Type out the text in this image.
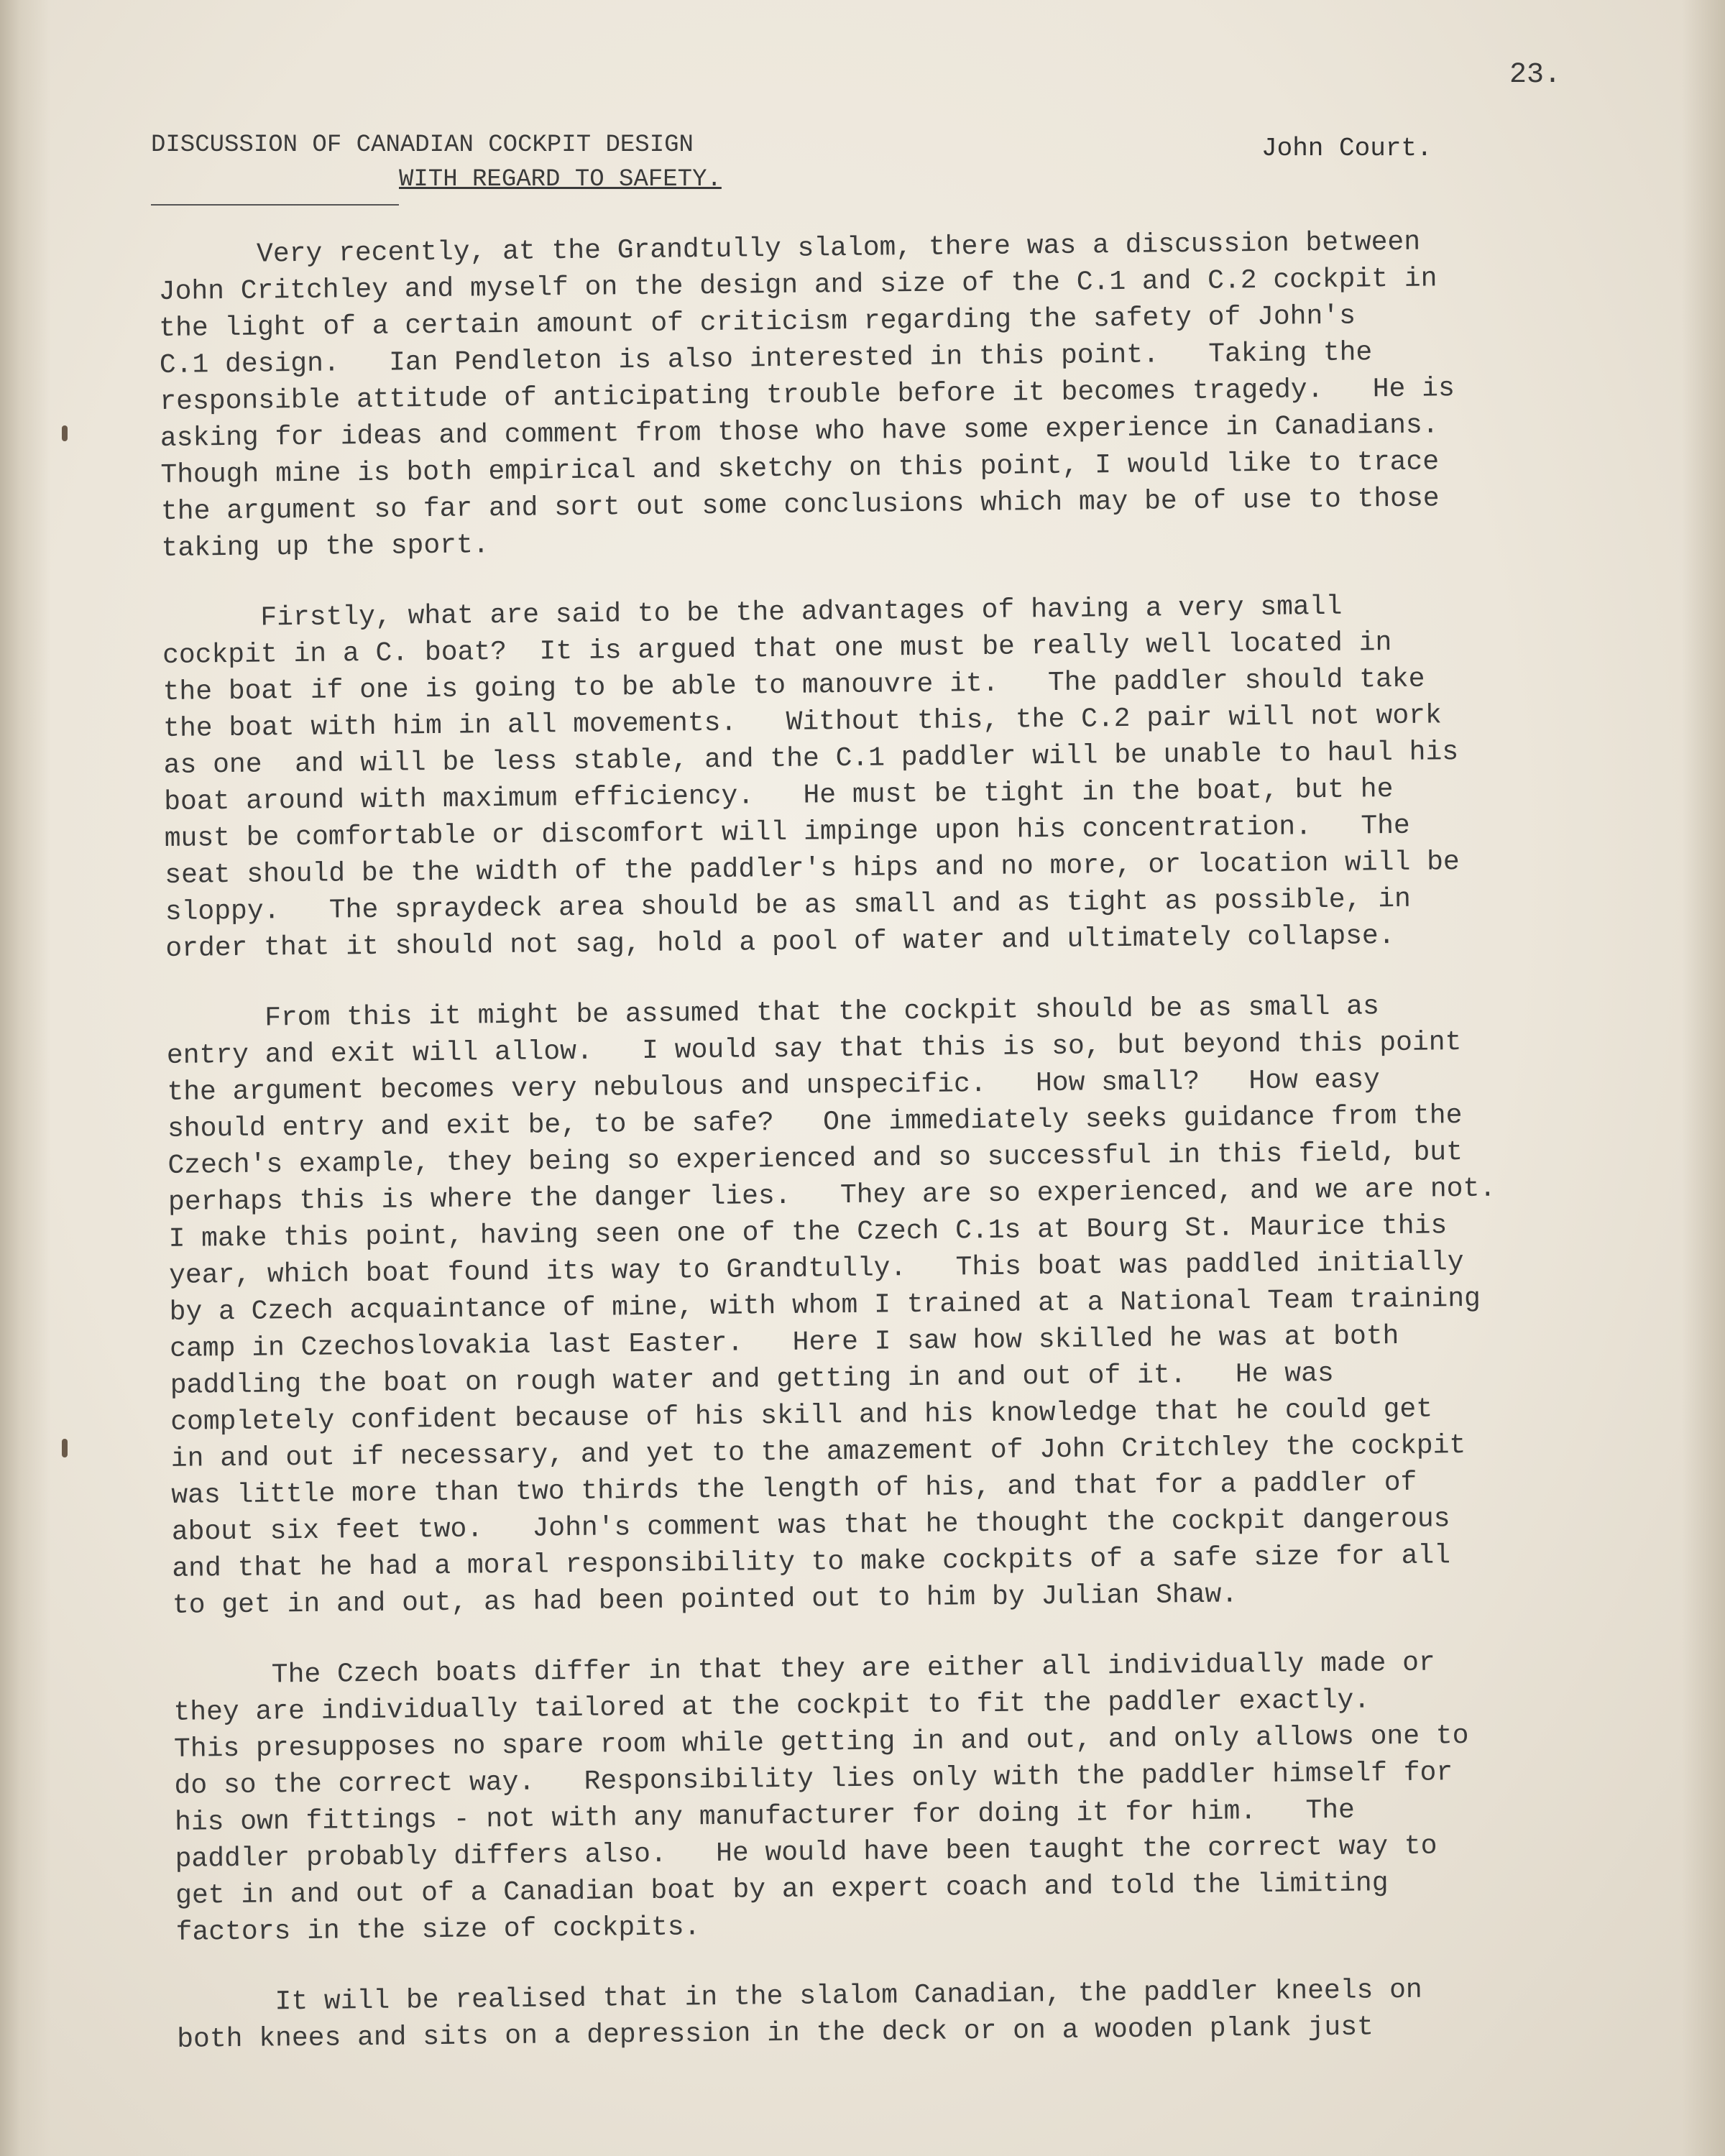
23.
DISCUSSION OF CANADIAN COCKPIT DESIGN
WITH REGARD TO SAFETY.
John Court.

Very recently, at the Grandtully slalom, there was a discussion between
John Critchley and myself on the design and size of the C.1 and C.2 cockpit in
the light of a certain amount of criticism regarding the safety of John's
C.1 design.   Ian Pendleton is also interested in this point.   Taking the
responsible attitude of anticipating trouble before it becomes tragedy.   He is
asking for ideas and comment from those who have some experience in Canadians.
Though mine is both empirical and sketchy on this point, I would like to trace
the argument so far and sort out some conclusions which may be of use to those
taking up the sport.

Firstly, what are said to be the advantages of having a very small
cockpit in a C. boat?  It is argued that one must be really well located in
the boat if one is going to be able to manouvre it.   The paddler should take
the boat with him in all movements.   Without this, the C.2 pair will not work
as one  and will be less stable, and the C.1 paddler will be unable to haul his
boat around with maximum efficiency.   He must be tight in the boat, but he
must be comfortable or discomfort will impinge upon his concentration.   The
seat should be the width of the paddler's hips and no more, or location will be
sloppy.   The spraydeck area should be as small and as tight as possible, in
order that it should not sag, hold a pool of water and ultimately collapse.

From this it might be assumed that the cockpit should be as small as
entry and exit will allow.   I would say that this is so, but beyond this point
the argument becomes very nebulous and unspecific.   How small?   How easy
should entry and exit be, to be safe?   One immediately seeks guidance from the
Czech's example, they being so experienced and so successful in this field, but
perhaps this is where the danger lies.   They are so experienced, and we are not.
I make this point, having seen one of the Czech C.1s at Bourg St. Maurice this
year, which boat found its way to Grandtully.   This boat was paddled initially
by a Czech acquaintance of mine, with whom I trained at a National Team training
camp in Czechoslovakia last Easter.   Here I saw how skilled he was at both
paddling the boat on rough water and getting in and out of it.   He was
completely confident because of his skill and his knowledge that he could get
in and out if necessary, and yet to the amazement of John Critchley the cockpit
was little more than two thirds the length of his, and that for a paddler of
about six feet two.   John's comment was that he thought the cockpit dangerous
and that he had a moral responsibility to make cockpits of a safe size for all
to get in and out, as had been pointed out to him by Julian Shaw.

The Czech boats differ in that they are either all individually made or
they are individually tailored at the cockpit to fit the paddler exactly.
This presupposes no spare room while getting in and out, and only allows one to
do so the correct way.   Responsibility lies only with the paddler himself for
his own fittings - not with any manufacturer for doing it for him.   The
paddler probably differs also.   He would have been taught the correct way to
get in and out of a Canadian boat by an expert coach and told the limiting
factors in the size of cockpits.

It will be realised that in the slalom Canadian, the paddler kneels on
both knees and sits on a depression in the deck or on a wooden plank just
